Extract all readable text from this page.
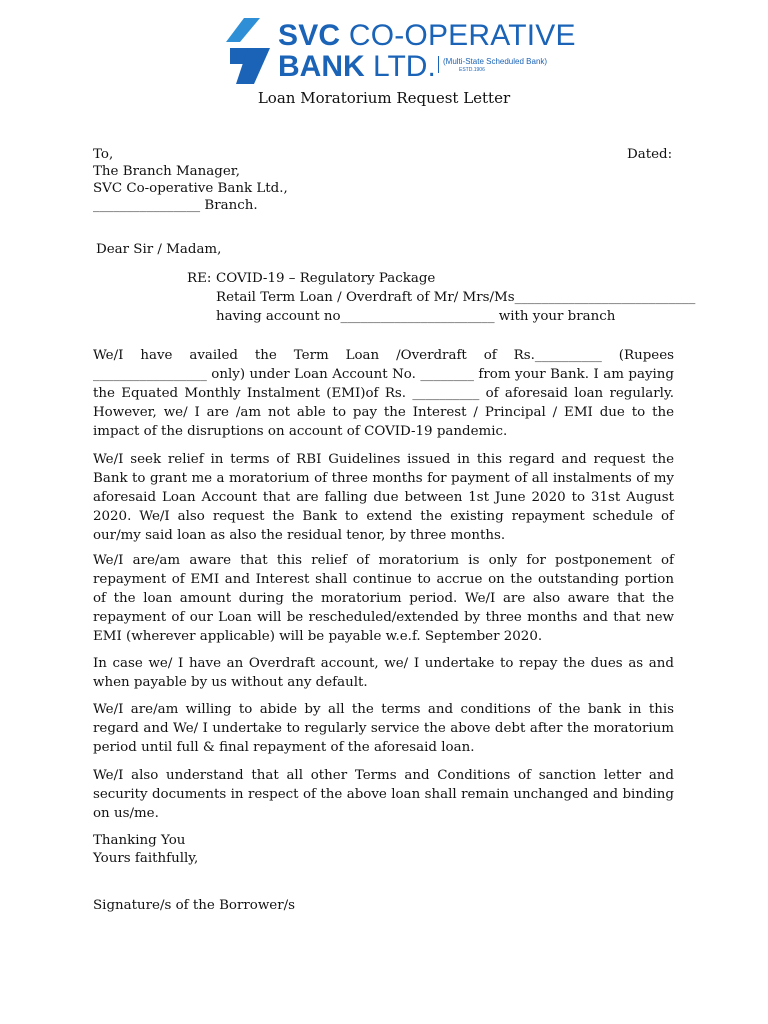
SVC CO-OPERATIVE
BANK LTD. (Multi-State Scheduled Bank)
ESTD.1906
Loan Moratorium Request Letter
To,	Dated:
The Branch Manager,
SVC Co-operative Bank Ltd.,
________________ Branch.
Dear Sir / Madam,
RE: COVID-19 – Regulatory Package
Retail Term Loan / Overdraft of Mr/ Mrs/Ms___________________________
having account no_______________________ with your branch

We/I have availed the Term Loan /Overdraft of Rs.__________ (Rupees _________________ only) under Loan Account No. ________ from your Bank. I am paying the Equated Monthly Instalment (EMI)of Rs. __________ of aforesaid loan regularly. However, we/ I are /am not able to pay the Interest / Principal / EMI due to the impact of the disruptions on account of COVID-19 pandemic.

We/I seek relief in terms of RBI Guidelines issued in this regard and request the Bank to grant me a moratorium of three months for payment of all instalments of my aforesaid Loan Account that are falling due between 1st June 2020 to 31st August 2020. We/I also request the Bank to extend the existing repayment schedule of our/my said loan as also the residual tenor, by three months.

We/I are/am aware that this relief of moratorium is only for postponement of repayment of EMI and Interest shall continue to accrue on the outstanding portion of the loan amount during the moratorium period. We/I are also aware that the repayment of our Loan will be rescheduled/extended by three months and that new EMI (wherever applicable) will be payable w.e.f. September 2020.

In case we/ I have an Overdraft account, we/ I undertake to repay the dues as and when payable by us without any default.

We/I are/am willing to abide by all the terms and conditions of the bank in this regard and We/ I undertake to regularly service the above debt after the moratorium period until full & final repayment of the aforesaid loan.

We/I also understand that all other Terms and Conditions of sanction letter and security documents in respect of the above loan shall remain unchanged and binding on us/me.

Thanking You
Yours faithfully,
Signature/s of the Borrower/s
